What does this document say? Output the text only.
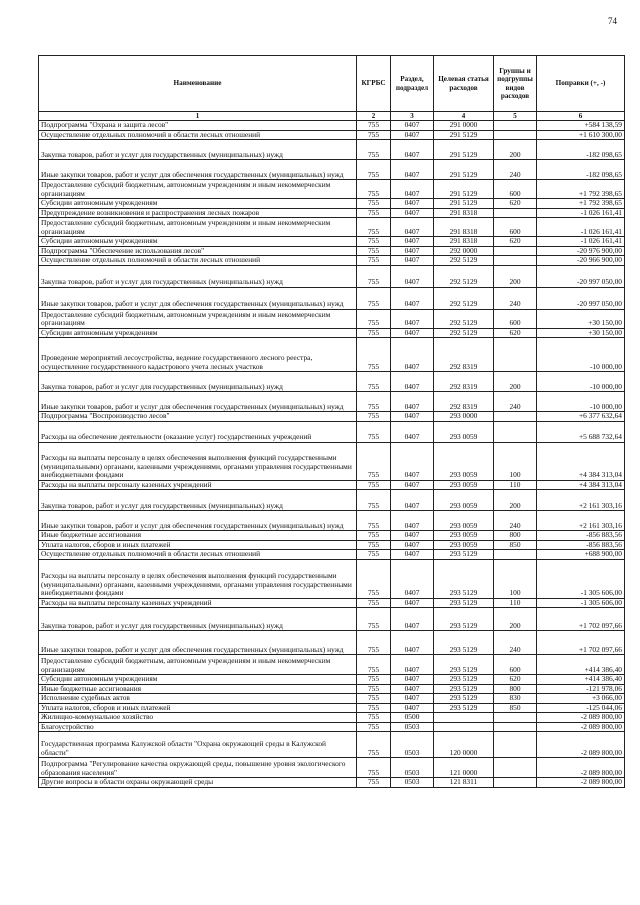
74
Наименование	КГРБС	Раздел, подраздел	Целевая статья расходов	Группы и подгруппы видов расходов	Поправки (+, -)
1	2	3	4	5	6
Подпрограмма "Охрана и защита лесов"	755	0407	291 0000		+584 138,59
Осуществление отдельных полномочий в области лесных отношений	755	0407	291 5129		+1 610 300,00
Закупка товаров, работ и услуг для государственных (муниципальных) нужд	755	0407	291 5129	200	-182 098,65
Иные закупки товаров, работ и услуг для обеспечения государственных (муниципальных) нужд	755	0407	291 5129	240	-182 098,65
Предоставление субсидий бюджетным, автономным учреждениям и иным некоммерческим организациям	755	0407	291 5129	600	+1 792 398,65
Субсидии автономным учреждениям	755	0407	291 5129	620	+1 792 398,65
Предупреждение возникновения и распространения лесных пожаров	755	0407	291 8318		-1 026 161,41
Предоставление субсидий бюджетным, автономным учреждениям и иным некоммерческим организациям	755	0407	291 8318	600	-1 026 161,41
Субсидии автономным учреждениям	755	0407	291 8318	620	-1 026 161,41
Подпрограмма "Обеспечение использования лесов"	755	0407	292 0000		-20 976 900,00
Осуществление отдельных полномочий в области лесных отношений	755	0407	292 5129		-20 966 900,00
Закупка товаров, работ и услуг для государственных (муниципальных) нужд	755	0407	292 5129	200	-20 997 050,00
Иные закупки товаров, работ и услуг для обеспечения государственных (муниципальных) нужд	755	0407	292 5129	240	-20 997 050,00
Предоставление субсидий бюджетным, автономным учреждениям и иным некоммерческим организациям	755	0407	292 5129	600	+30 150,00
Субсидии автономным учреждениям	755	0407	292 5129	620	+30 150,00
Проведение мероприятий лесоустройства, ведение государственного лесного реестра, осуществление государственного кадастрового учета лесных участков	755	0407	292 8319		-10 000,00
Закупка товаров, работ и услуг для государственных (муниципальных) нужд	755	0407	292 8319	200	-10 000,00
Иные закупки товаров, работ и услуг для обеспечения государственных (муниципальных) нужд	755	0407	292 8319	240	-10 000,00
Подпрограмма "Воспроизводство лесов"	755	0407	293 0000		+6 377 632,64
Расходы на обеспечение деятельности (оказание услуг) государственных учреждений	755	0407	293 0059		+5 688 732,64
Расходы на выплаты персоналу в целях обеспечения выполнения функций государственными (муниципальными) органами, казенными учреждениями, органами управления государственными внебюджетными фондами	755	0407	293 0059	100	+4 384 313,04
Расходы на выплаты персоналу казенных учреждений	755	0407	293 0059	110	+4 384 313,04
Закупка товаров, работ и услуг для государственных (муниципальных) нужд	755	0407	293 0059	200	+2 161 303,16
Иные закупки товаров, работ и услуг для обеспечения государственных (муниципальных) нужд	755	0407	293 0059	240	+2 161 303,16
Иные бюджетные ассигнования	755	0407	293 0059	800	-856 883,56
Уплата налогов, сборов и иных платежей	755	0407	293 0059	850	-856 883,56
Осуществление отдельных полномочий в области лесных отношений	755	0407	293 5129		+688 900,00
Расходы на выплаты персоналу в целях обеспечения выполнения функций государственными (муниципальными) органами, казенными учреждениями, органами управления государственными внебюджетными фондами	755	0407	293 5129	100	-1 305 606,00
Расходы на выплаты персоналу казенных учреждений	755	0407	293 5129	110	-1 305 606,00
Закупка товаров, работ и услуг для государственных (муниципальных) нужд	755	0407	293 5129	200	+1 702 097,66
Иные закупки товаров, работ и услуг для обеспечения государственных (муниципальных) нужд	755	0407	293 5129	240	+1 702 097,66
Предоставление субсидий бюджетным, автономным учреждениям и иным некоммерческим организациям	755	0407	293 5129	600	+414 386,40
Субсидии автономным учреждениям	755	0407	293 5129	620	+414 386,40
Иные бюджетные ассигнования	755	0407	293 5129	800	-121 978,06
Исполнение судебных актов	755	0407	293 5129	830	+3 066,00
Уплата налогов, сборов и иных платежей	755	0407	293 5129	850	-125 044,06
Жилищно-коммунальное хозяйство	755	0500			-2 089 800,00
Благоустройство	755	0503			-2 089 800,00
Государственная программа Калужской области "Охрана окружающей среды в Калужской области"	755	0503	120 0000		-2 089 800,00
Подпрограмма "Регулирование качества окружающей среды, повышение уровня экологического образования населения"	755	0503	121 0000		-2 089 800,00
Другие вопросы в области охраны окружающей среды	755	0503	121 8311		-2 089 800,00
